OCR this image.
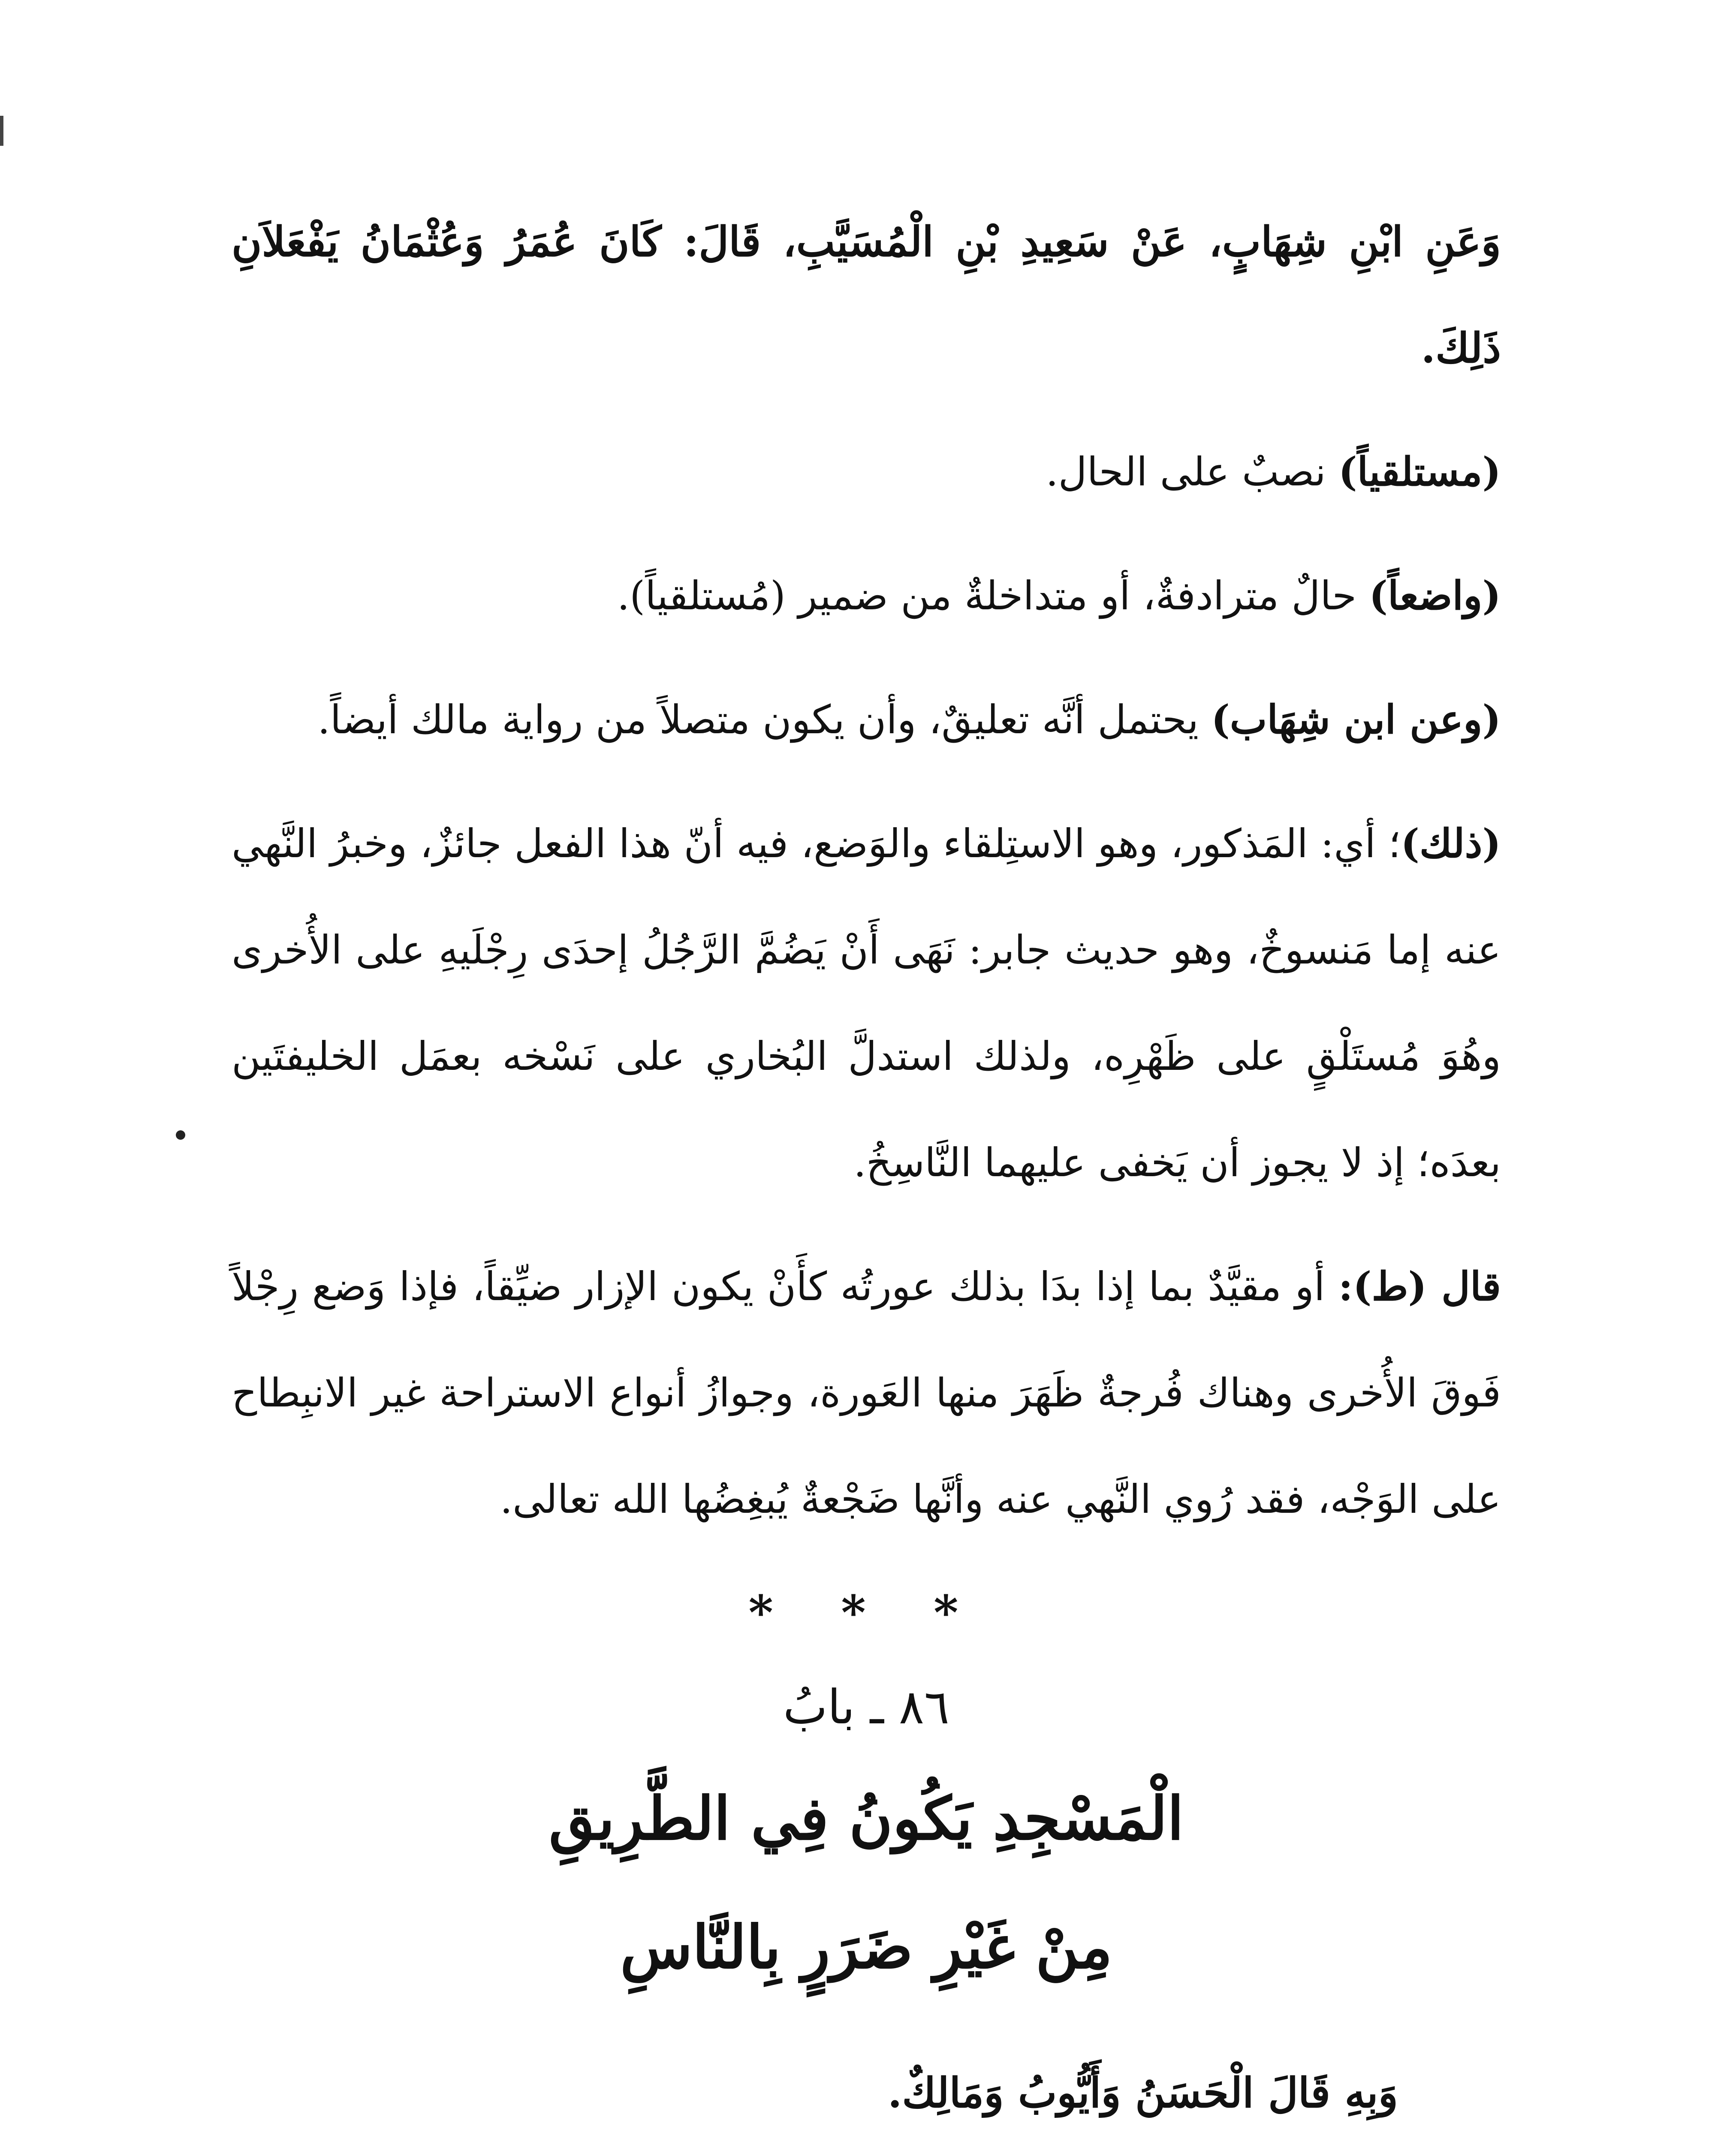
وَعَنِ ابْنِ شِهَابٍ، عَنْ سَعِيدِ بْنِ الْمُسَيَّبِ، قَالَ: كَانَ عُمَرُ وَعُثْمَانُ يَفْعَلاَنِ ذَلِكَ.

(مستلقياً) نصبٌ على الحال.

(واضعاً) حالٌ مترادفةٌ، أو متداخلةٌ من ضمير (مُستلقياً).

(وعن ابن شِهَاب) يحتمل أنَّه تعليقٌ، وأن يكون متصلاً من رواية مالك أيضاً.

(ذلك)؛ أي: المَذكور، وهو الاستِلقاء والوَضع، فيه أنّ هذا الفعل جائزٌ، وخبرُ النَّهي عنه إما مَنسوخٌ، وهو حديث جابر: نَهَى أَنْ يَضُمَّ الرَّجُلُ إحدَى رِجْلَيهِ على الأُخرى وهُوَ مُستَلْقٍ على ظَهْرِه، ولذلك استدلَّ البُخاري على نَسْخه بعمَل الخليفتَين بعدَه؛ إذ لا يجوز أن يَخفى عليهما النَّاسِخُ.

قال (ط): أو مقيَّدٌ بما إذا بدَا بذلك عورتُه كأَنْ يكون الإزار ضيِّقاً، فإذا وَضع رِجْلاً فَوقَ الأُخرى وهناك فُرجةٌ ظَهَرَ منها العَورة، وجوازُ أنواع الاستراحة غير الانبِطاح على الوَجْه، فقد رُوي النَّهي عنه وأنَّها ضَجْعةٌ يُبغِضُها الله تعالى.

* * *

٨٦ ـ بابُ

الْمَسْجِدِ يَكُونُ فِي الطَّرِيقِ

مِنْ غَيْرِ ضَرَرٍ بِالنَّاسِ

وَبِهِ قَالَ الْحَسَنُ وَأَيُّوبُ وَمَالِكٌ.
